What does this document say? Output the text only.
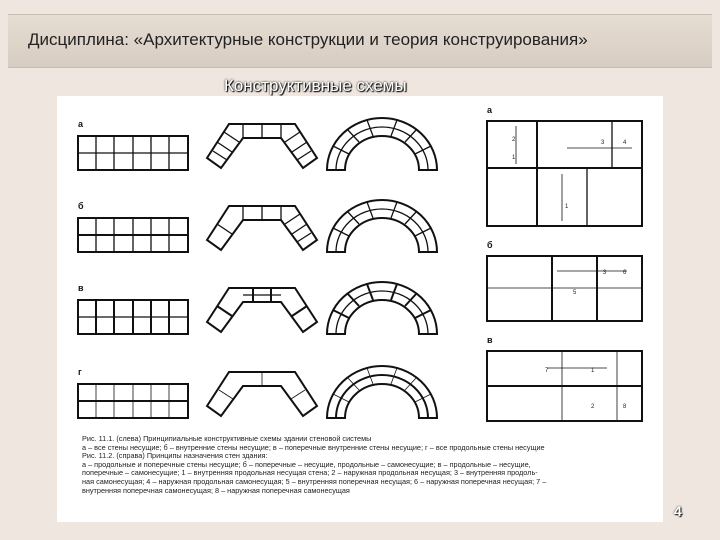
Дисциплина: «Архитектурные конструкции и теория конструирования»
Конструктивные схемы
а
б
в
г
а
б
в
2
1
3	4
1
3	6
5
7	1
2	8
Рис. 11.1. (слева) Принципиальные конструктивные схемы здании стеновой системы
а – все стены несущие; б – внутренние стены несущие; в – поперечные внутренние стены несущие; г – все продольные стены несущие
Рис. 11.2. (справа) Принципы назначения стен здания:
а – продольные и поперечные стены несущие; б – поперечные – несущие, продольные – самонесущие; в – продольные – несущие,
поперечные – самонесущие; 1 – внутренняя продольная несущая стена; 2 – наружная продольная несущая; 3 – внутренняя продоль-
ная самонесущая; 4 – наружная продольная самонесущая; 5 – внутренняя поперечная несущая; 6 – наружная поперечная несущая; 7 –
внутренняя поперечная самонесущая; 8 – наружная поперечная самонесущая
4
